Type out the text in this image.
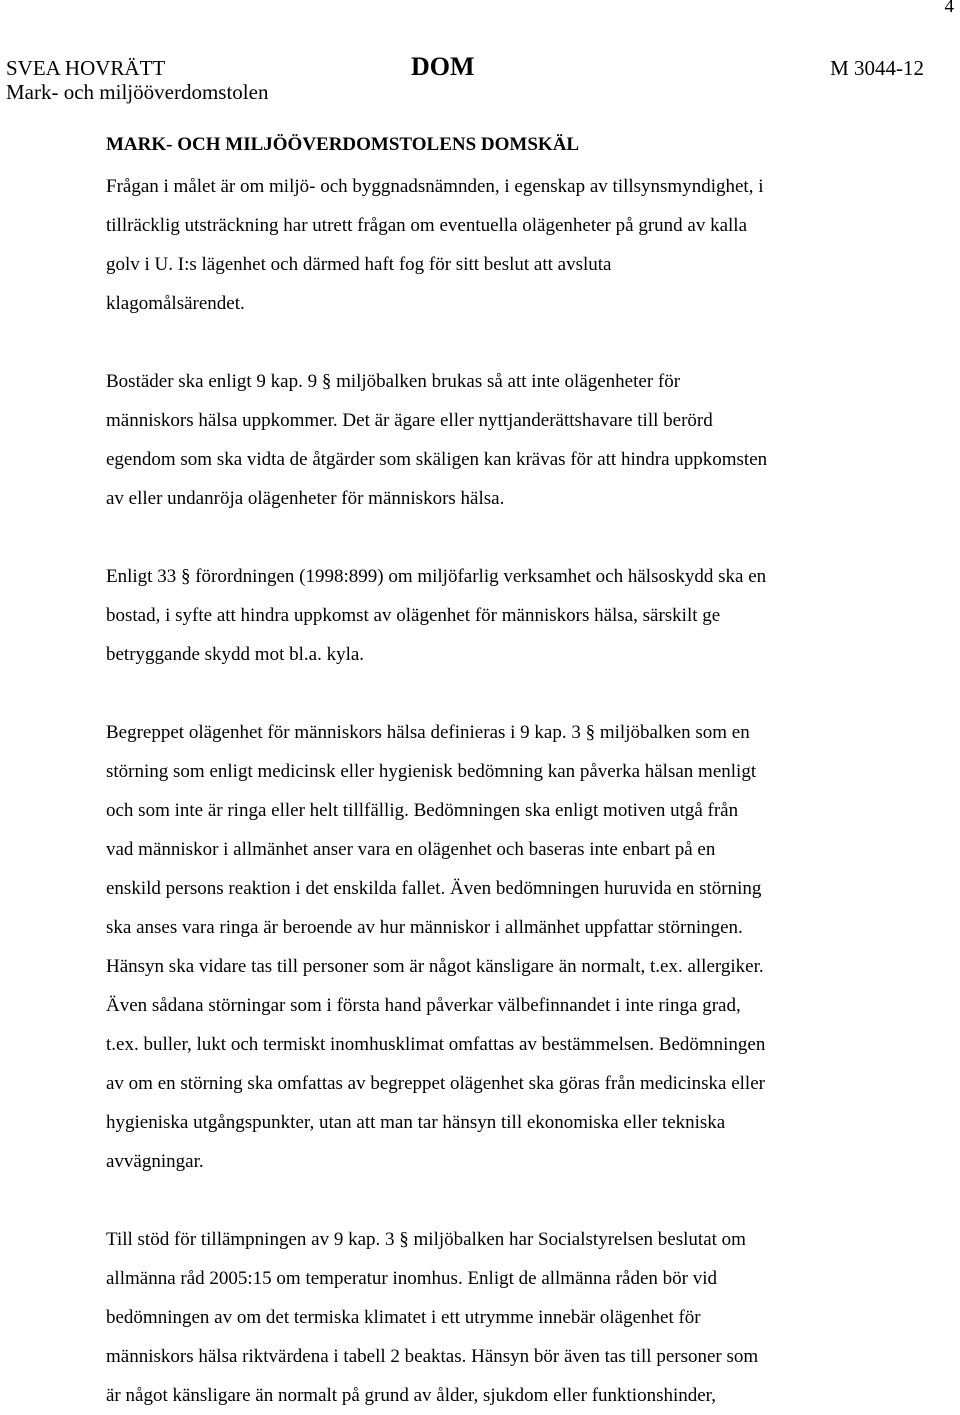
4
SVEA HOVRÄTT
Mark- och miljööverdomstolen
DOM	M 3044-12
MARK- OCH MILJÖÖVERDOMSTOLENS DOMSKÄL

Frågan i målet är om miljö- och byggnadsnämnden, i egenskap av tillsynsmyndighet, i

tillräcklig utsträckning har utrett frågan om eventuella olägenheter på grund av kalla

golv i U. I:s lägenhet och därmed haft fog för sitt beslut att avsluta

klagomålsärendet.

Bostäder ska enligt 9 kap. 9 § miljöbalken brukas så att inte olägenheter för

människors hälsa uppkommer. Det är ägare eller nyttjanderättshavare till berörd

egendom som ska vidta de åtgärder som skäligen kan krävas för att hindra uppkomsten

av eller undanröja olägenheter för människors hälsa.

Enligt 33 § förordningen (1998:899) om miljöfarlig verksamhet och hälsoskydd ska en

bostad, i syfte att hindra uppkomst av olägenhet för människors hälsa, särskilt ge

betryggande skydd mot bl.a. kyla.

Begreppet olägenhet för människors hälsa definieras i 9 kap. 3 § miljöbalken som en

störning som enligt medicinsk eller hygienisk bedömning kan påverka hälsan menligt

och som inte är ringa eller helt tillfällig. Bedömningen ska enligt motiven utgå från

vad människor i allmänhet anser vara en olägenhet och baseras inte enbart på en

enskild persons reaktion i det enskilda fallet. Även bedömningen huruvida en störning

ska anses vara ringa är beroende av hur människor i allmänhet uppfattar störningen.

Hänsyn ska vidare tas till personer som är något känsligare än normalt, t.ex. allergiker.

Även sådana störningar som i första hand påverkar välbefinnandet i inte ringa grad,

t.ex. buller, lukt och termiskt inomhusklimat omfattas av bestämmelsen. Bedömningen

av om en störning ska omfattas av begreppet olägenhet ska göras från medicinska eller

hygieniska utgångspunkter, utan att man tar hänsyn till ekonomiska eller tekniska

avvägningar.

Till stöd för tillämpningen av 9 kap. 3 § miljöbalken har Socialstyrelsen beslutat om

allmänna råd 2005:15 om temperatur inomhus. Enligt de allmänna råden bör vid

bedömningen av om det termiska klimatet i ett utrymme innebär olägenhet för

människors hälsa riktvärdena i tabell 2 beaktas. Hänsyn bör även tas till personer som

är något känsligare än normalt på grund av ålder, sjukdom eller funktionshinder,
